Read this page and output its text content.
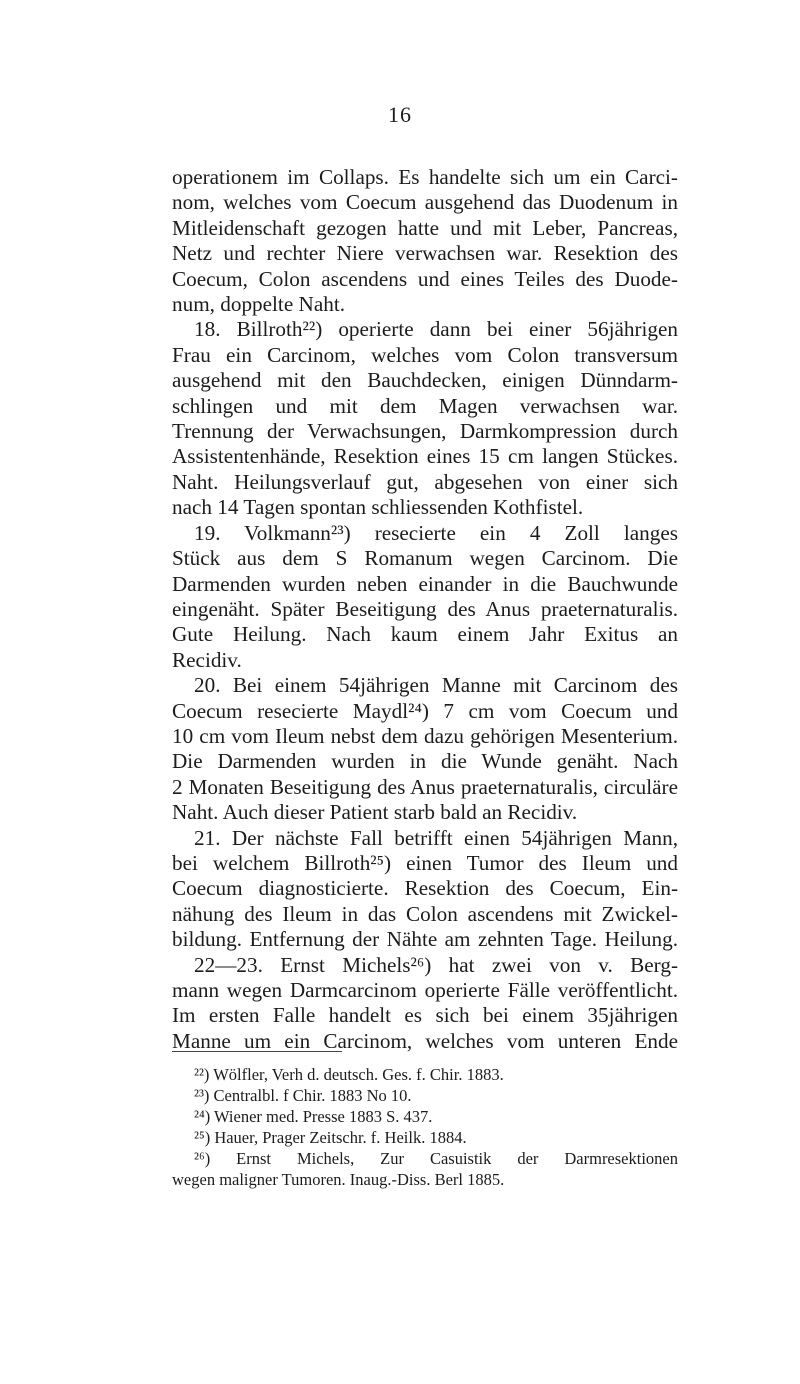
16
operationem im Collaps. Es handelte sich um ein Carci-
nom, welches vom Coecum ausgehend das Duodenum in
Mitleidenschaft gezogen hatte und mit Leber, Pancreas,
Netz und rechter Niere verwachsen war. Resektion des
Coecum, Colon ascendens und eines Teiles des Duode-
num, doppelte Naht.
18. Billroth²²) operierte dann bei einer 56jährigen
Frau ein Carcinom, welches vom Colon transversum
ausgehend mit den Bauchdecken, einigen Dünndarm-
schlingen und mit dem Magen verwachsen war.
Trennung der Verwachsungen, Darmkompression durch
Assistentenhände, Resektion eines 15 cm langen Stückes.
Naht. Heilungsverlauf gut, abgesehen von einer sich
nach 14 Tagen spontan schliessenden Kothfistel.
19. Volkmann²³) resecierte ein 4 Zoll langes
Stück aus dem S Romanum wegen Carcinom. Die
Darmenden wurden neben einander in die Bauchwunde
eingenäht. Später Beseitigung des Anus praeternaturalis.
Gute Heilung. Nach kaum einem Jahr Exitus an
Recidiv.
20. Bei einem 54jährigen Manne mit Carcinom des
Coecum resecierte Maydl²⁴) 7 cm vom Coecum und
10 cm vom Ileum nebst dem dazu gehörigen Mesenterium.
Die Darmenden wurden in die Wunde genäht. Nach
2 Monaten Beseitigung des Anus praeternaturalis, circuläre
Naht. Auch dieser Patient starb bald an Recidiv.
21. Der nächste Fall betrifft einen 54jährigen Mann,
bei welchem Billroth²⁵) einen Tumor des Ileum und
Coecum diagnosticierte. Resektion des Coecum, Ein-
nähung des Ileum in das Colon ascendens mit Zwickel-
bildung. Entfernung der Nähte am zehnten Tage. Heilung.
22—23. Ernst Michels²⁶) hat zwei von v. Berg-
mann wegen Darmcarcinom operierte Fälle veröffentlicht.
Im ersten Falle handelt es sich bei einem 35jährigen
Manne um ein Carcinom, welches vom unteren Ende
²²) Wölfler, Verh d. deutsch. Ges. f. Chir. 1883.
²³) Centralbl. f Chir. 1883 No 10.
²⁴) Wiener med. Presse 1883 S. 437.
²⁵) Hauer, Prager Zeitschr. f. Heilk. 1884.
²⁶) Ernst Michels, Zur Casuistik der Darmresektionen
wegen maligner Tumoren. Inaug.-Diss. Berl 1885.
